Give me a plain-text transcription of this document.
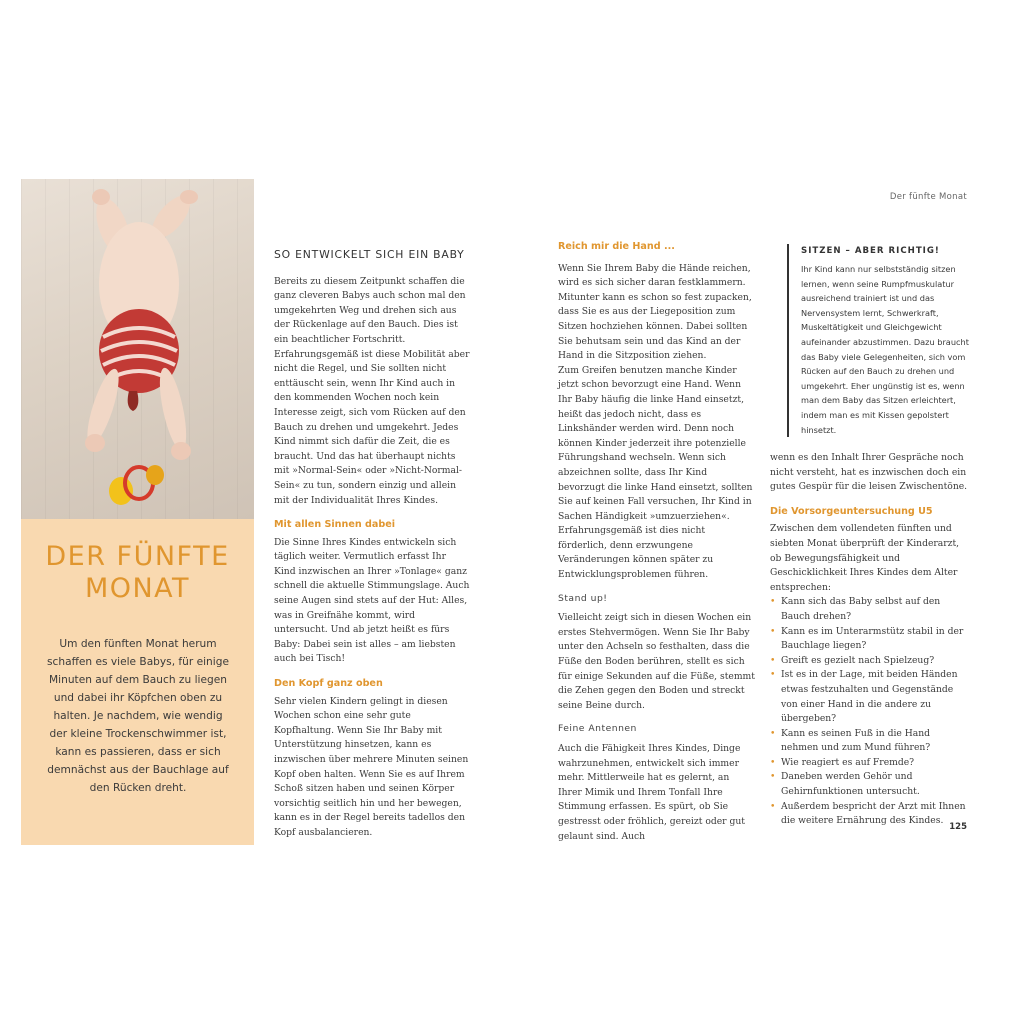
DER FÜNFTE
MONAT
Um den fünften Monat herum schaffen es viele Babys, für einige Minuten auf dem Bauch zu liegen und dabei ihr Köpfchen oben zu halten. Je nachdem, wie wendig der kleine Trockenschwimmer ist, kann es passieren, dass er sich demnächst aus der Bauchlage auf den Rücken dreht.
Der fünfte Monat
SO ENTWICKELT SICH EIN BABY

Bereits zu diesem Zeitpunkt schaffen die ganz cleveren Babys auch schon mal den umgekehrten Weg und drehen sich aus der Rückenlage auf den Bauch. Dies ist ein beachtlicher Fortschritt. Erfahrungsgemäß ist diese Mobilität aber nicht die Regel, und Sie sollten nicht enttäuscht sein, wenn Ihr Kind auch in den kommenden Wochen noch kein Interesse zeigt, sich vom Rücken auf den Bauch zu drehen und umgekehrt. Jedes Kind nimmt sich dafür die Zeit, die es braucht. Und das hat überhaupt nichts mit »Normal-Sein« oder »Nicht-Normal-Sein« zu tun, sondern einzig und allein mit der Individualität Ihres Kindes.

Mit allen Sinnen dabei

Die Sinne Ihres Kindes entwickeln sich täglich weiter. Vermutlich erfasst Ihr Kind inzwischen an Ihrer »Tonlage« ganz schnell die aktuelle Stimmungslage. Auch seine Augen sind stets auf der Hut: Alles, was in Greifnähe kommt, wird untersucht. Und ab jetzt heißt es fürs Baby: Dabei sein ist alles – am liebsten auch bei Tisch!

Den Kopf ganz oben

Sehr vielen Kindern gelingt in diesen Wochen schon eine sehr gute Kopfhaltung. Wenn Sie Ihr Baby mit Unterstützung hinsetzen, kann es inzwischen über mehrere Minuten seinen Kopf oben halten. Wenn Sie es auf Ihrem Schoß sitzen haben und seinen Körper vorsichtig seitlich hin und her bewegen, kann es in der Regel bereits tadellos den Kopf ausbalancieren.

Reich mir die Hand ...

Wenn Sie Ihrem Baby die Hände reichen, wird es sich sicher daran festklammern. Mitunter kann es schon so fest zupacken, dass Sie es aus der Liegeposition zum Sitzen hochziehen können. Dabei sollten Sie behutsam sein und das Kind an der Hand in die Sitzposition ziehen.

Zum Greifen benutzen manche Kinder jetzt schon bevorzugt eine Hand. Wenn Ihr Baby häufig die linke Hand einsetzt, heißt das jedoch nicht, dass es Linkshänder werden wird. Denn noch können Kinder jederzeit ihre potenzielle Führungshand wechseln. Wenn sich abzeichnen sollte, dass Ihr Kind bevorzugt die linke Hand einsetzt, sollten Sie auf keinen Fall versuchen, Ihr Kind in Sachen Händigkeit »umzuerziehen«. Erfahrungsgemäß ist dies nicht förderlich, denn erzwungene Veränderungen können später zu Entwicklungsproblemen führen.

Stand up!

Vielleicht zeigt sich in diesen Wochen ein erstes Stehvermögen. Wenn Sie Ihr Baby unter den Achseln so festhalten, dass die Füße den Boden berühren, stellt es sich für einige Sekunden auf die Füße, stemmt die Zehen gegen den Boden und streckt seine Beine durch.

Feine Antennen

Auch die Fähigkeit Ihres Kindes, Dinge wahrzunehmen, entwickelt sich immer mehr. Mittlerweile hat es gelernt, an Ihrer Mimik und Ihrem Tonfall Ihre Stimmung erfassen. Es spürt, ob Sie gestresst oder fröhlich, gereizt oder gut gelaunt sind. Auch

SITZEN – ABER RICHTIG!

Ihr Kind kann nur selbstständig sitzen lernen, wenn seine Rumpfmuskulatur ausreichend trainiert ist und das Nervensystem lernt, Schwerkraft, Muskeltätigkeit und Gleichgewicht aufeinander abzustimmen. Dazu braucht das Baby viele Gelegenheiten, sich vom Rücken auf den Bauch zu drehen und umgekehrt. Eher ungünstig ist es, wenn man dem Baby das Sitzen erleichtert, indem man es mit Kissen gepolstert hinsetzt.

wenn es den Inhalt Ihrer Gespräche noch nicht versteht, hat es inzwischen doch ein gutes Gespür für die leisen Zwischentöne.

Die Vorsorgeuntersuchung U5

Zwischen dem vollendeten fünften und siebten Monat überprüft der Kinderarzt, ob Bewegungsfähigkeit und Geschicklichkeit Ihres Kindes dem Alter entsprechen:

• Kann sich das Baby selbst auf den Bauch drehen?
• Kann es im Unterarmstütz stabil in der Bauchlage liegen?
• Greift es gezielt nach Spielzeug?
• Ist es in der Lage, mit beiden Händen etwas festzuhalten und Gegenstände von einer Hand in die andere zu übergeben?
• Kann es seinen Fuß in die Hand nehmen und zum Mund führen?
• Wie reagiert es auf Fremde?
• Daneben werden Gehör und Gehirnfunktionen untersucht.
• Außerdem bespricht der Arzt mit Ihnen die weitere Ernährung des Kindes.
125
